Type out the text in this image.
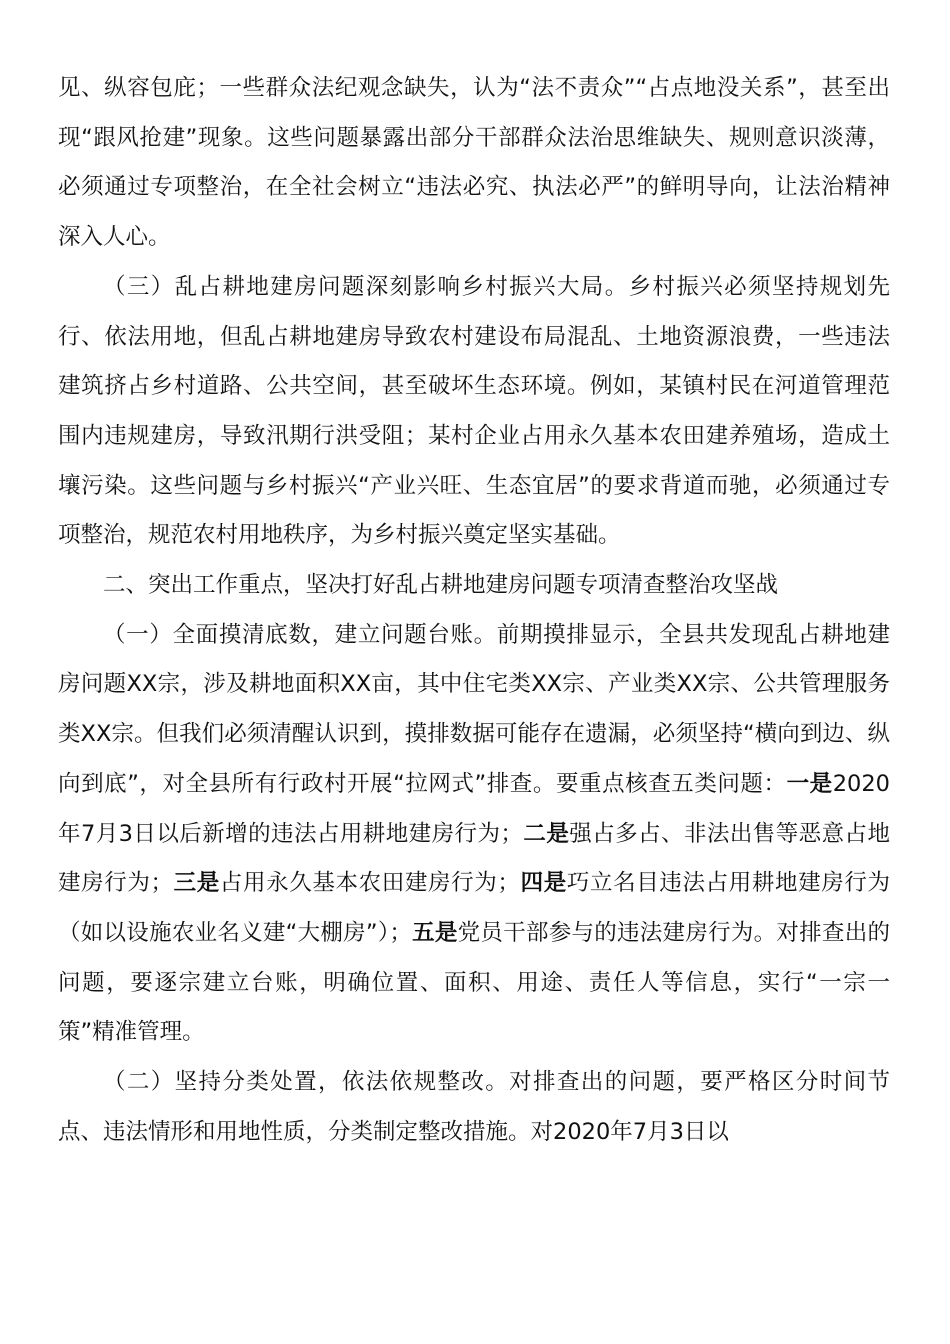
见、纵容包庇；一些群众法纪观念缺失，认为“法不责众”“占点地没关系”，甚至出现“跟风抢建”现象。这些问题暴露出部分干部群众法治思维缺失、规则意识淡薄，必须通过专项整治，在全社会树立“违法必究、执法必严”的鲜明导向，让法治精神深入人心。

（三）乱占耕地建房问题深刻影响乡村振兴大局。乡村振兴必须坚持规划先行、依法用地，但乱占耕地建房导致农村建设布局混乱、土地资源浪费，一些违法建筑挤占乡村道路、公共空间，甚至破坏生态环境。例如，某镇村民在河道管理范围内违规建房，导致汛期行洪受阻；某村企业占用永久基本农田建养殖场，造成土壤污染。这些问题与乡村振兴“产业兴旺、生态宜居”的要求背道而驰，必须通过专项整治，规范农村用地秩序，为乡村振兴奠定坚实基础。

二、突出工作重点，坚决打好乱占耕地建房问题专项清查整治攻坚战

（一）全面摸清底数，建立问题台账。前期摸排显示，全县共发现乱占耕地建房问题XX宗，涉及耕地面积XX亩，其中住宅类XX宗、产业类XX宗、公共管理服务类XX宗。但我们必须清醒认识到，摸排数据可能存在遗漏，必须坚持“横向到边、纵向到底”，对全县所有行政村开展“拉网式”排查。要重点核查五类问题：一是2020年7月3日以后新增的违法占用耕地建房行为；二是强占多占、非法出售等恶意占地建房行为；三是占用永久基本农田建房行为；四是巧立名目违法占用耕地建房行为（如以设施农业名义建“大棚房”）；五是党员干部参与的违法建房行为。对排查出的问题，要逐宗建立台账，明确位置、面积、用途、责任人等信息，实行“一宗一策”精准管理。

（二）坚持分类处置，依法依规整改。对排查出的问题，要严格区分时间节点、违法情形和用地性质，分类制定整改措施。对2020年7月3日以
